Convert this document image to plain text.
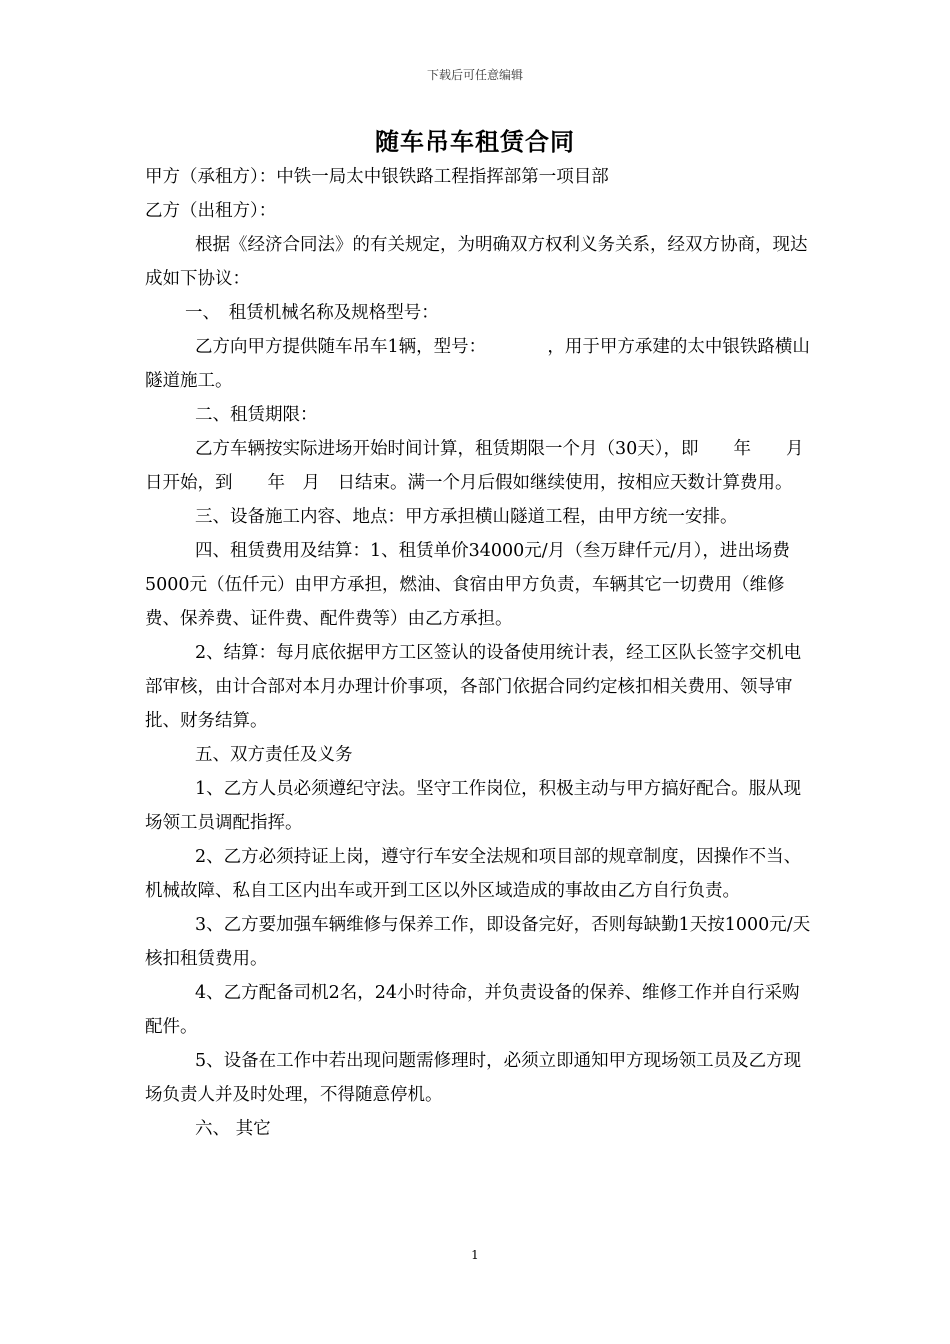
下载后可任意编辑
随车吊车租赁合同

甲方（承租方）：中铁一局太中银铁路工程指挥部第一项目部

乙方（出租方）：

根据《经济合同法》的有关规定，为明确双方权利义务关系，经双方协商，现达成如下协议：

一、　租赁机械名称及规格型号：

乙方向甲方提供随车吊车1辆，型号：　　　　，用于甲方承建的太中银铁路横山隧道施工。

二、租赁期限：

乙方车辆按实际进场开始时间计算，租赁期限一个月（30天），即　　年　　月　日开始，到　　年　月　日结束。满一个月后假如继续使用，按相应天数计算费用。

三、设备施工内容、地点：甲方承担横山隧道工程，由甲方统一安排。

四、租赁费用及结算：1、租赁单价34000元/月（叁万肆仟元/月），进出场费5000元（伍仟元）由甲方承担，燃油、食宿由甲方负责，车辆其它一切费用（维修费、保养费、证件费、配件费等）由乙方承担。

2、结算：每月底依据甲方工区签认的设备使用统计表，经工区队长签字交机电部审核，由计合部对本月办理计价事项，各部门依据合同约定核扣相关费用、领导审批、财务结算。

五、双方责任及义务

1、乙方人员必须遵纪守法。坚守工作岗位，积极主动与甲方搞好配合。服从现场领工员调配指挥。

2、乙方必须持证上岗，遵守行车安全法规和项目部的规章制度，因操作不当、机械故障、私自工区内出车或开到工区以外区域造成的事故由乙方自行负责。

3、乙方要加强车辆维修与保养工作，即设备完好，否则每缺勤1天按1000元/天核扣租赁费用。

4、乙方配备司机2名，24小时待命，并负责设备的保养、维修工作并自行采购配件。

5、设备在工作中若出现问题需修理时，必须立即通知甲方现场领工员及乙方现场负责人并及时处理，不得随意停机。

六、 其它

1
